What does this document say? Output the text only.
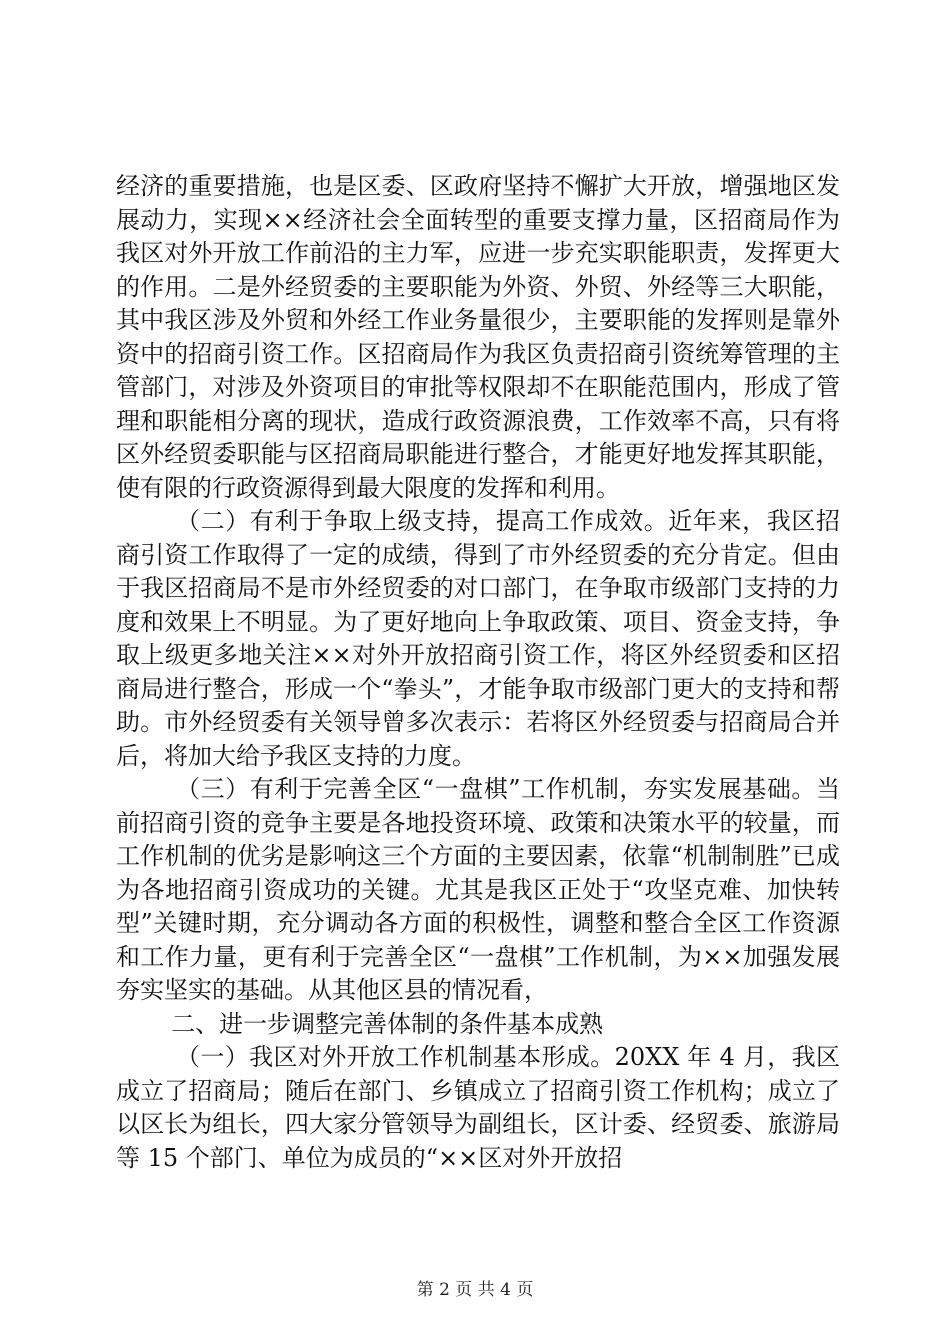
经济的重要措施，也是区委、区政府坚持不懈扩大开放，增强地区发展动力，实现××经济社会全面转型的重要支撑力量，区招商局作为我区对外开放工作前沿的主力军，应进一步充实职能职责，发挥更大的作用。二是外经贸委的主要职能为外资、外贸、外经等三大职能，其中我区涉及外贸和外经工作业务量很少，主要职能的发挥则是靠外资中的招商引资工作。区招商局作为我区负责招商引资统筹管理的主管部门，对涉及外资项目的审批等权限却不在职能范围内，形成了管理和职能相分离的现状，造成行政资源浪费，工作效率不高，只有将区外经贸委职能与区招商局职能进行整合，才能更好地发挥其职能，使有限的行政资源得到最大限度的发挥和利用。

（二）有利于争取上级支持，提高工作成效。近年来，我区招商引资工作取得了一定的成绩，得到了市外经贸委的充分肯定。但由于我区招商局不是市外经贸委的对口部门，在争取市级部门支持的力度和效果上不明显。为了更好地向上争取政策、项目、资金支持，争取上级更多地关注××对外开放招商引资工作，将区外经贸委和区招商局进行整合，形成一个“拳头”，才能争取市级部门更大的支持和帮助。市外经贸委有关领导曾多次表示：若将区外经贸委与招商局合并后，将加大给予我区支持的力度。

（三）有利于完善全区“一盘棋”工作机制，夯实发展基础。当前招商引资的竞争主要是各地投资环境、政策和决策水平的较量，而工作机制的优劣是影响这三个方面的主要因素，依靠“机制制胜”已成为各地招商引资成功的关键。尤其是我区正处于“攻坚克难、加快转型”关键时期，充分调动各方面的积极性，调整和整合全区工作资源和工作力量，更有利于完善全区“一盘棋”工作机制，为××加强发展夯实坚实的基础。从其他区县的情况看，

二、进一步调整完善体制的条件基本成熟

（一）我区对外开放工作机制基本形成。20XX 年 4 月，我区成立了招商局；随后在部门、乡镇成立了招商引资工作机构；成立了以区长为组长，四大家分管领导为副组长，区计委、经贸委、旅游局等 15 个部门、单位为成员的“××区对外开放招

第 2 页 共 4 页
